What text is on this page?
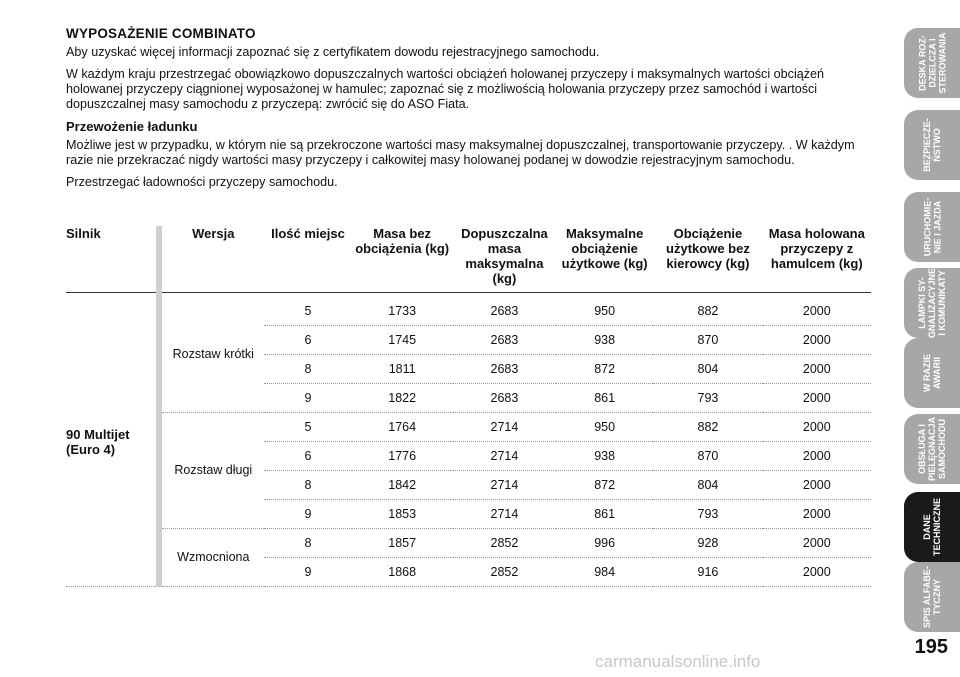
WYPOSAŻENIE COMBINATO

Aby uzyskać więcej informacji zapoznać się z certyfikatem dowodu rejestracyjnego samochodu.

W każdym kraju przestrzegać obowiązkowo dopuszczalnych wartości obciążeń holowanej przyczepy i maksymalnych wartości obciążeń holowanej przyczepy ciągnionej wyposażonej w hamulec; zapoznać się z możliwością holowania przyczepy przez samochód i wartości dopuszczalnej masy samochodu z przyczepą: zwrócić się do ASO Fiata.

Przewożenie ładunku

Możliwe jest w przypadku, w którym nie są przekroczone wartości masy maksymalnej dopuszczalnej, transportowanie przyczepy. . W każdym razie nie przekraczać nigdy wartości masy przyczepy i całkowitej masy holowanej podanej w dowodzie rejestracyjnym samochodu.

Przestrzegać ładowności przyczepy samochodu.

Silnik	Wersja	Ilość miejsc	Masa bez obciążenia (kg)	Dopuszczalna masa maksymalna (kg)	Maksymalne obciążenie użytkowe (kg)	Obciążenie użytkowe bez kierowcy (kg)	Masa holowana przyczepy z hamulcem (kg)
90 Multijet (Euro 4)	Rozstaw krótki	5	1733	2683	950	882	2000
		6	1745	2683	938	870	2000
		8	1811	2683	872	804	2000
		9	1822	2683	861	793	2000
	Rozstaw długi	5	1764	2714	950	882	2000
		6	1776	2714	938	870	2000
		8	1842	2714	872	804	2000
		9	1853	2714	861	793	2000
	Wzmocniona	8	1857	2852	996	928	2000
		9	1868	2852	984	916	2000
DESKA ROZ-
DZIELCZA I
STEROWANIA
BEZPIECZE-
ŃSTWO
URUCHOMIE-
NIE I JAZDA
LAMPKI SY-
GNALIZACYJNE
I KOMUNIKATY
W RAZIE
AWARII
OBSŁUGA I
PIELĘGNACJA
SAMOCHODU
DANE
TECHNICZNE
SPIS ALFABE-
TYCZNY
195
carmanualsonline.info
